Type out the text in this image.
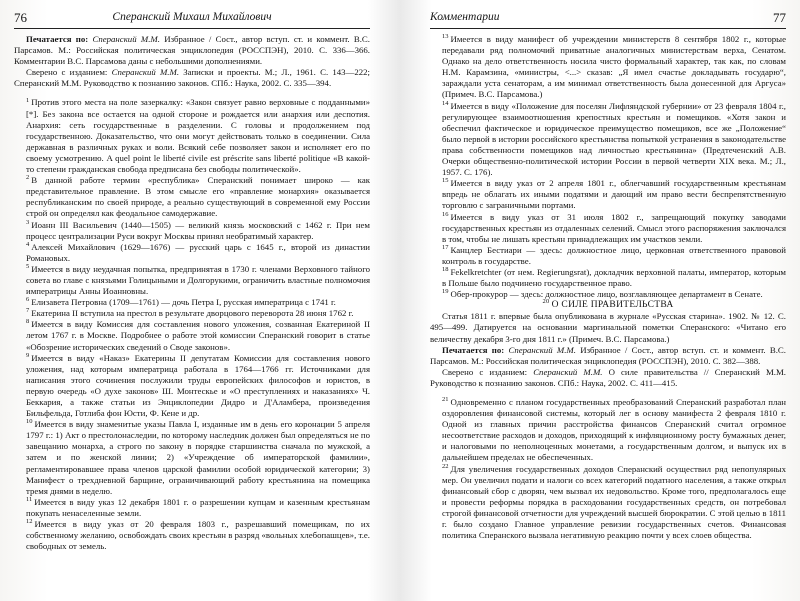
76	Сперанский Михаил Михайлович

Печатается по: Сперанский М.М. Избранное / Сост., автор вступ. ст. и коммент. В.С. Парсамов. М.: Российская политическая энциклопедия (РОССПЭН), 2010. С. 336—366. Комментарии В.С. Парсамова даны с небольшими дополнениями.

Сверено с изданием: Сперанский М.М. Записки и проекты. М.; Л., 1961. С. 143—222; Сперанский М.М. Руководство к познанию законов. СПб.: Наука, 2002. С. 335—394.

$^1$ Против этого места на поле зазеркалку: «Закон связует равно верховные с подданными» [*]. Без закона все остается на одной стороне и рождается или анархия или деспотия. Анархия: сеть государственные в разделении. С головы и продолжением под государственною. Доказательство, что они могут действовать только в соединении. Сила державная в различных руках и воли. Всякий себе позволяет закон и исполняет его по своему усмотрению. A quel point le liberté civile est préscrite sans liberté politique «В какой-то степени гражданская свобода предписана без свободы политической».

$^2$ В данной работе термин «республика» Сперанский понимает широко — как представительное правление. В этом смысле его «правление монархия» оказывается республиканским по своей природе, а реально существующий в современной ему России строй он определял как феодальное самодержавие.

$^3$ Иоанн III Васильевич (1440—1505) — великий князь московский с 1462 г. При нем процесс централизации Руси вокруг Москвы принял необратимый характер.

$^4$ Алексей Михайлович (1629—1676) — русский царь с 1645 г., второй из династии Романовых.

$^5$ Имеется в виду неудачная попытка, предпринятая в 1730 г. членами Верховного тайного совета во главе с князьями Голицыными и Долгорукими, ограничить властные полномочия императрицы Анны Иоанновны.

$^6$ Елизавета Петровна (1709—1761) — дочь Петра I, русская императрица с 1741 г.

$^7$ Екатерина II вступила на престол в результате дворцового переворота 28 июня 1762 г.

$^8$ Имеется в виду Комиссия для составления нового уложения, созванная Екатериной II летом 1767 г. в Москве. Подробнее о работе этой комиссии Сперанский говорит в статье «Обозрение исторических сведений о Своде законов».

$^9$ Имеется в виду «Наказ» Екатерины II депутатам Комиссии для составления нового уложения, над которым императрица работала в 1764—1766 гг. Источниками для написания этого сочинения послужили труды европейских философов и юристов, в первую очередь «О духе законов» Ш. Монтескье и «О преступлениях и наказаниях» Ч. Беккария, а также статьи из Энциклопедии Дидро и Д'Аламбера, произведения Бильфельда, Готлиба фон Юсти, Ф. Кене и др.

$^{10}$ Имеется в виду знаменитые указы Павла I, изданные им в день его коронации 5 апреля 1797 г.: 1) Акт о престолонаследии, по которому наследник должен был определяться не по завещанию монарха, а строго по закону в порядке старшинства сначала по мужской, а затем и по женской линии; 2) «Учреждение об императорской фамилии», регламентировавшее права членов царской фамилии особой юридической категории; 3) Манифест о трехдневной барщине, ограничивающий работу крестьянина на помещика тремя днями в неделю.

$^{11}$ Имеется в виду указ 12 декабря 1801 г. о разрешении купцам и казенным крестьянам покупать ненаселенные земли.

$^{12}$ Имеется в виду указ от 20 февраля 1803 г., разрешавший помещикам, по их собственному желанию, освобождать своих крестьян в разряд «вольных хлебопашцев», т.е. свободных от земель.

Комментарии	77

$^{13}$ Имеется в виду манифест об учреждении министерств 8 сентября 1802 г., которые передавали ряд полномочий приватные аналогичных министерствам верха, Сенатом. Однако на дело ответственность носила чисто формальный характер, так как, по словам Н.М. Карамзина, «министры, <...> сказав: „Я имел счастье докладывать государю“, зараждали уста сенаторам, а им минимал ответственность была донесенной для Аргуса» (Примеч. В.С. Парсамова.)

$^{14}$ Имеется в виду «Положение для поселян Лифляндской губернии» от 23 февраля 1804 г., регулирующее взаимоотношения крепостных крестьян и помещиков. «Хотя закон и обеспечил фактическое и юридическое преимущество помещиков, все же „Положение“ было первой в истории российского крестьянства попыткой устранения в законодательстве права собственности помещиков над личностью крестьянина» (Предтеченский А.В. Очерки общественно-политической истории России в первой четверти XIX века. М.; Л., 1957. С. 176).

$^{15}$ Имеется в виду указ от 2 апреля 1801 г., облегчавший государственным крестьянам впредь не облагать их иными податями и дающий им право вести беспрепятственную торговлю с заграничными портами.

$^{16}$ Имеется в виду указ от 31 июля 1802 г., запрещающий покупку заводами государственных крестьян из отдаленных селений. Смысл этого распоряжения заключался в том, чтобы не лишать крестьян принадлежащих им участков земли.

$^{17}$ Канцлер Бестиари — здесь: должностное лицо, церковная ответственного правовой контроль в государстве.

$^{18}$ Fekelkretchter (от нем. Regierungsrat), докладчик верховной палаты, император, которым в Польше было подчинено государственное право.

$^{19}$ Обер-прокурор — здесь: должностное лицо, возглавляющее департамент в Сенате.

$^{20}$ О СИЛЕ ПРАВИТЕЛЬСТВА

Статья 1811 г. впервые была опубликована в журнале «Русская старина». 1902. № 12. С. 495—499. Датируется на основании маргинальной пометки Сперанского: «Читано его величеству декабря 3-го дня 1811 г.» (Примеч. В.С. Парсамова.)

Печатается по: Сперанский М.М. Избранное / Сост., автор вступ. ст. и коммент. В.С. Парсамов. М.: Российская политическая энциклопедия (РОССПЭН), 2010. С. 382—388.

Сверено с изданием: Сперанский М.М. О силе правительства // Сперанский М.М. Руководство к познанию законов. СПб.: Наука, 2002. С. 411—415.

$^{21}$ Одновременно с планом государственных преобразований Сперанский разработал план оздоровления финансовой системы, который лег в основу манифеста 2 февраля 1810 г. Одной из главных причин расстройства финансов Сперанский считал огромное несоответствие расходов и доходов, приходящий к инфляционному росту бумажных денег, и налоговыми по неполноценных монетами, а государственным долгом, и выпуск их в дальнейшем пределах не обеспеченных.

$^{22}$ Для увеличения государственных доходов Сперанский осуществил ряд непопулярных мер. Он увеличил подати и налоги со всех категорий податного населения, а также открыл финансовый сбор с дворян, чем вызвал их недовольство. Кроме того, предполагалось еще и провести реформы порядка в расходовании государственных средств, он потребовал строгой финансовой отчетности для учреждений высшей бюрократии. С этой целью в 1811 г. было создано Главное управление ревизии государственных счетов. Финансовая политика Сперанского вызвала негативную реакцию почти у всех слоев общества.
